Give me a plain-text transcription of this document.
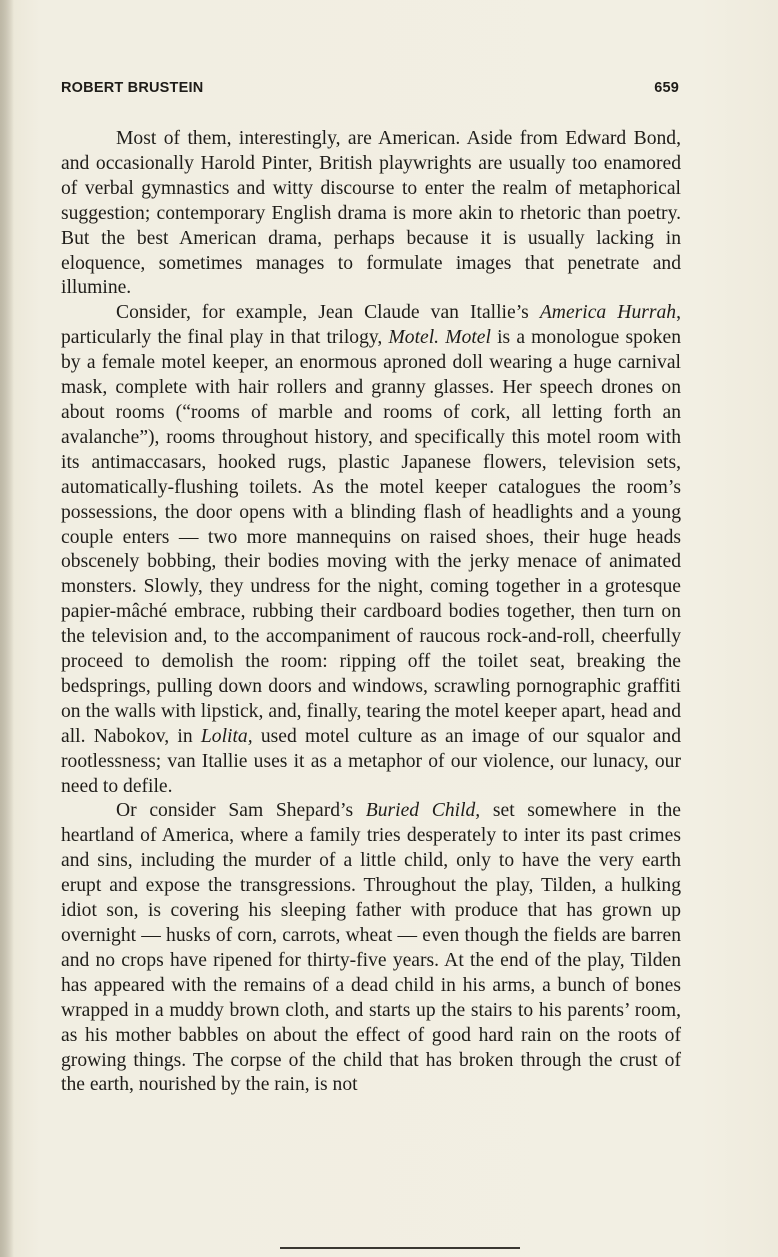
ROBERT BRUSTEIN	659

Most of them, interestingly, are American. Aside from Edward Bond, and occasionally Harold Pinter, British playwrights are usually too enamored of verbal gymnastics and witty discourse to enter the realm of metaphorical suggestion; contemporary English drama is more akin to rhetoric than poetry. But the best American drama, perhaps because it is usually lacking in eloquence, sometimes manages to formulate images that penetrate and illumine.

Consider, for example, Jean Claude van Itallie’s America Hurrah, particularly the final play in that trilogy, Motel. Motel is a monologue spoken by a female motel keeper, an enormous aproned doll wearing a huge carnival mask, complete with hair rollers and granny glasses. Her speech drones on about rooms (“rooms of marble and rooms of cork, all letting forth an avalanche”), rooms throughout history, and specifically this motel room with its antimaccasars, hooked rugs, plastic Japanese flowers, television sets, automatically-flushing toilets. As the motel keeper catalogues the room’s possessions, the door opens with a blinding flash of headlights and a young couple enters — two more mannequins on raised shoes, their huge heads obscenely bobbing, their bodies moving with the jerky menace of animated monsters. Slowly, they undress for the night, coming together in a grotesque papier-mâché embrace, rubbing their cardboard bodies together, then turn on the television and, to the accompaniment of raucous rock-and-roll, cheerfully proceed to demolish the room: ripping off the toilet seat, breaking the bedsprings, pulling down doors and windows, scrawling pornographic graffiti on the walls with lipstick, and, finally, tearing the motel keeper apart, head and all. Nabokov, in Lolita, used motel culture as an image of our squalor and rootlessness; van Itallie uses it as a metaphor of our violence, our lunacy, our need to defile.

Or consider Sam Shepard’s Buried Child, set somewhere in the heartland of America, where a family tries desperately to inter its past crimes and sins, including the murder of a little child, only to have the very earth erupt and expose the transgressions. Throughout the play, Tilden, a hulking idiot son, is covering his sleeping father with produce that has grown up overnight — husks of corn, carrots, wheat — even though the fields are barren and no crops have ripened for thirty-five years. At the end of the play, Tilden has appeared with the remains of a dead child in his arms, a bunch of bones wrapped in a muddy brown cloth, and starts up the stairs to his parents’ room, as his mother babbles on about the effect of good hard rain on the roots of growing things. The corpse of the child that has broken through the crust of the earth, nourished by the rain, is not
